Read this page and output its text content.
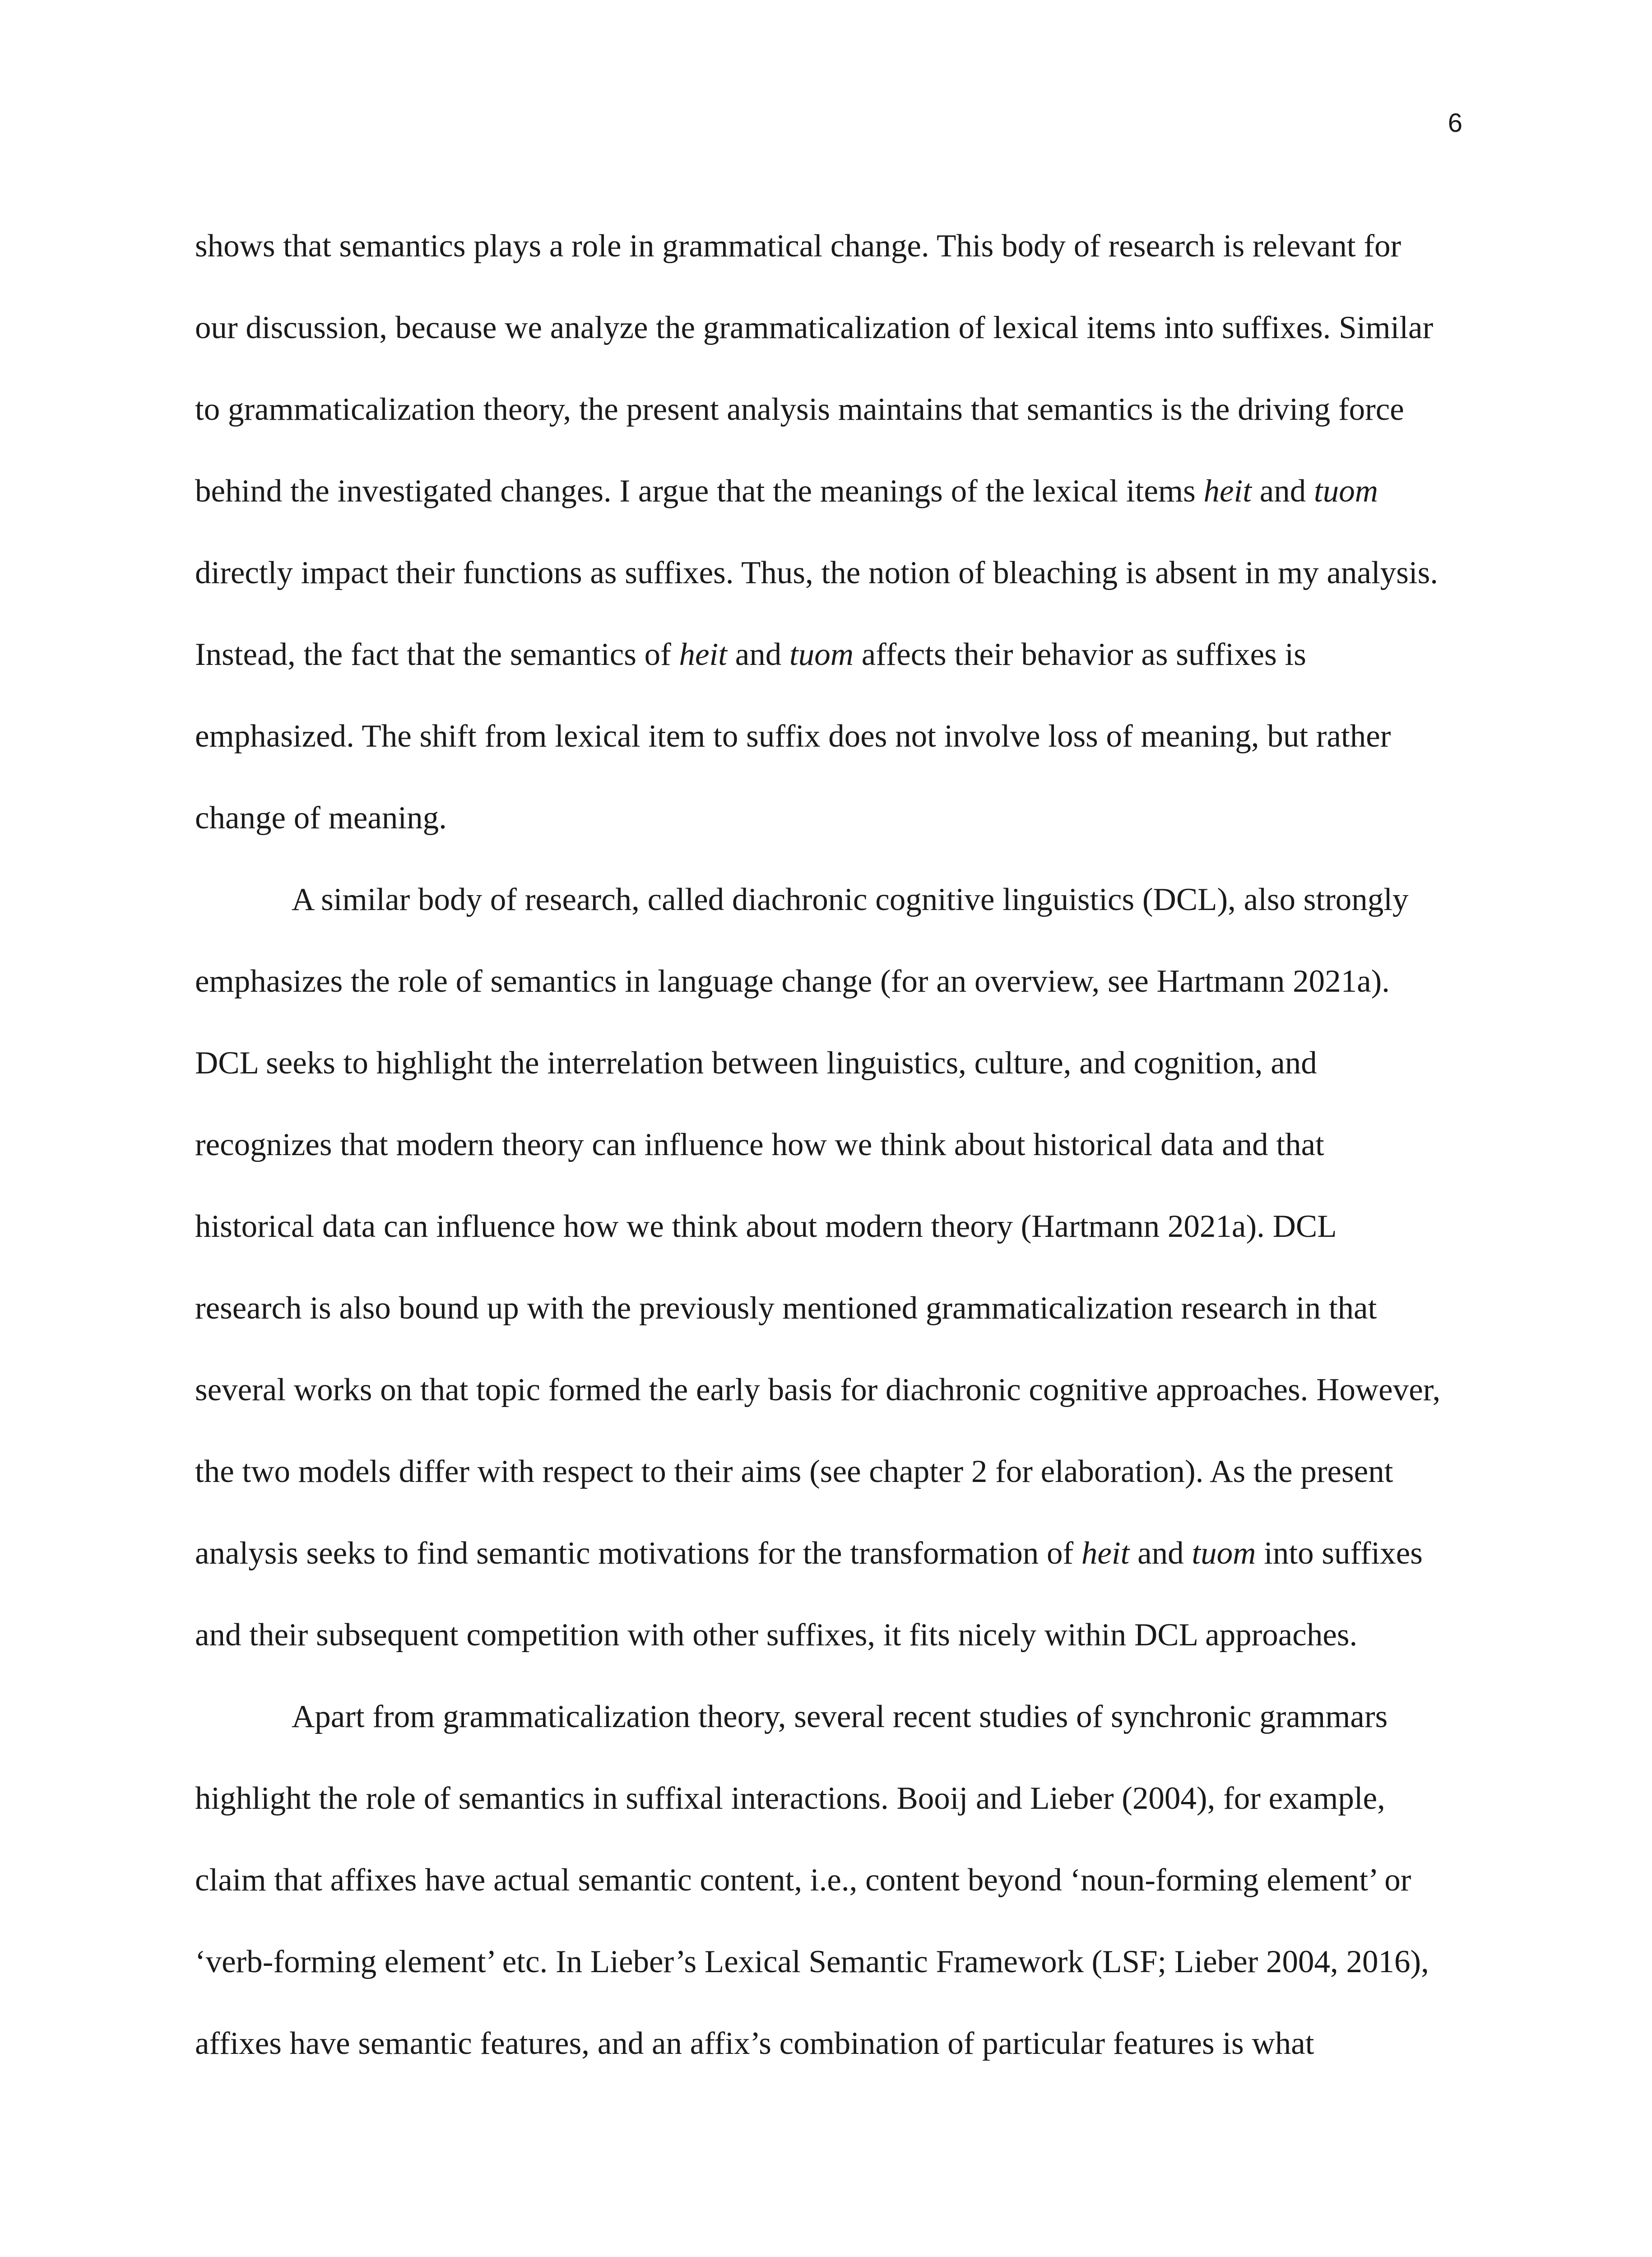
6
shows that semantics plays a role in grammatical change. This body of research is relevant for
our discussion, because we analyze the grammaticalization of lexical items into suffixes. Similar
to grammaticalization theory, the present analysis maintains that semantics is the driving force
behind the investigated changes. I argue that the meanings of the lexical items heit and tuom
directly impact their functions as suffixes. Thus, the notion of bleaching is absent in my analysis.
Instead, the fact that the semantics of heit and tuom affects their behavior as suffixes is
emphasized. The shift from lexical item to suffix does not involve loss of meaning, but rather
change of meaning.
A similar body of research, called diachronic cognitive linguistics (DCL), also strongly
emphasizes the role of semantics in language change (for an overview, see Hartmann 2021a).
DCL seeks to highlight the interrelation between linguistics, culture, and cognition, and
recognizes that modern theory can influence how we think about historical data and that
historical data can influence how we think about modern theory (Hartmann 2021a). DCL
research is also bound up with the previously mentioned grammaticalization research in that
several works on that topic formed the early basis for diachronic cognitive approaches. However,
the two models differ with respect to their aims (see chapter 2 for elaboration). As the present
analysis seeks to find semantic motivations for the transformation of heit and tuom into suffixes
and their subsequent competition with other suffixes, it fits nicely within DCL approaches.
Apart from grammaticalization theory, several recent studies of synchronic grammars
highlight the role of semantics in suffixal interactions. Booij and Lieber (2004), for example,
claim that affixes have actual semantic content, i.e., content beyond ‘noun-forming element’ or
‘verb-forming element’ etc. In Lieber’s Lexical Semantic Framework (LSF; Lieber 2004, 2016),
affixes have semantic features, and an affix’s combination of particular features is what
